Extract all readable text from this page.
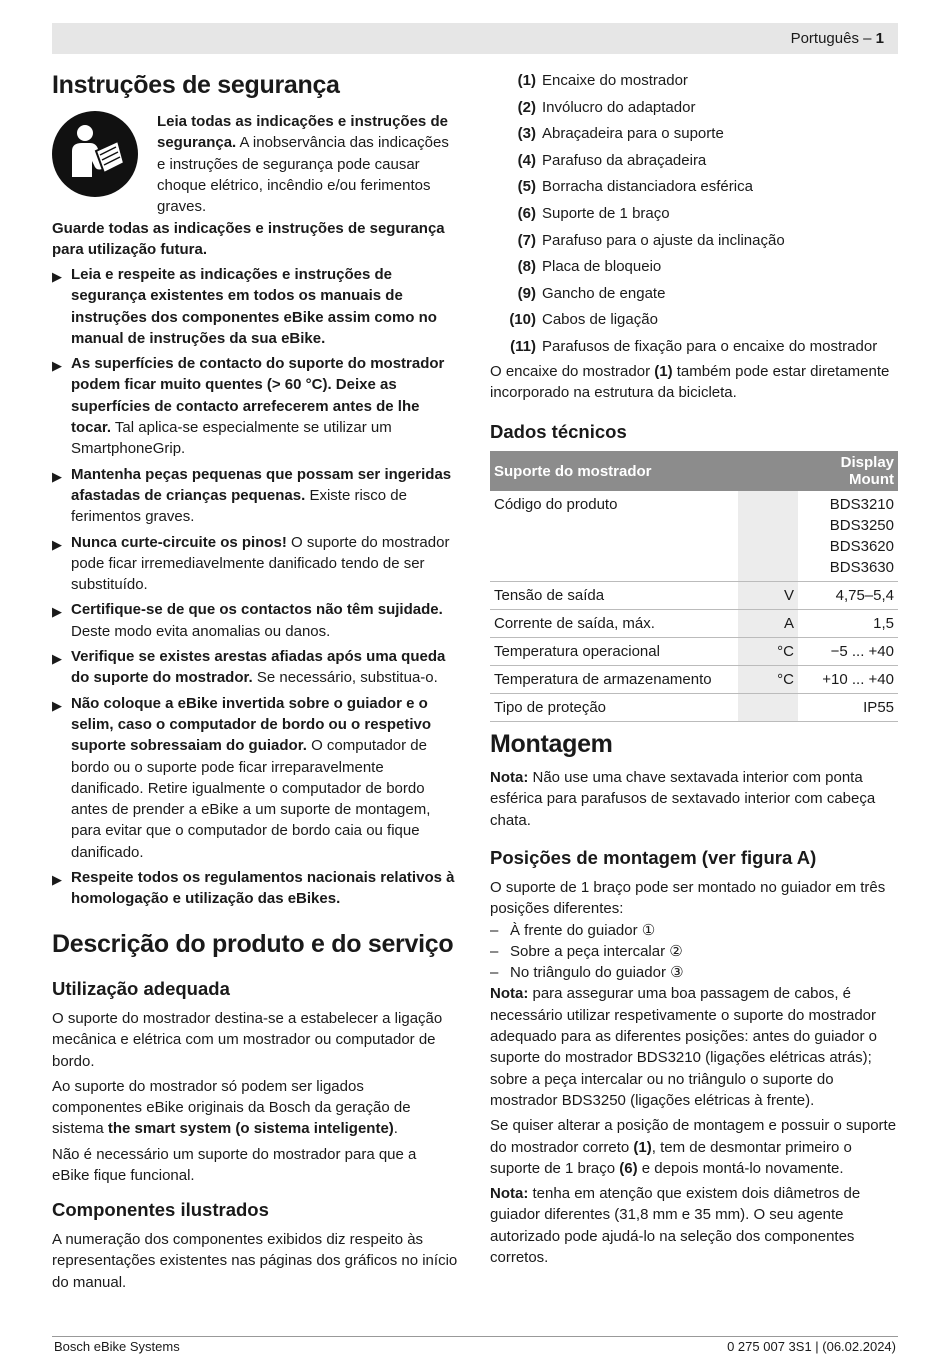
Português – 1
Instruções de segurança
Leia todas as indicações e instruções de segurança. A inobservância das indicações e instruções de segurança pode causar choque elétrico, incêndio e/ou ferimentos graves.
Guarde todas as indicações e instruções de segurança para utilização futura.
▶ Leia e respeite as indicações e instruções de segurança existentes em todos os manuais de instruções dos componentes eBike assim como no manual de instruções da sua eBike.
▶ As superfícies de contacto do suporte do mostrador podem ficar muito quentes (> 60 °C). Deixe as superfícies de contacto arrefecerem antes de lhe tocar. Tal aplica-se especialmente se utilizar um SmartphoneGrip.
▶ Mantenha peças pequenas que possam ser ingeridas afastadas de crianças pequenas. Existe risco de ferimentos graves.
▶ Nunca curte-circuite os pinos! O suporte do mostrador pode ficar irremediavelmente danificado tendo de ser substituído.
▶ Certifique-se de que os contactos não têm sujidade. Deste modo evita anomalias ou danos.
▶ Verifique se existes arestas afiadas após uma queda do suporte do mostrador. Se necessário, substitua-o.
▶ Não coloque a eBike invertida sobre o guiador e o selim, caso o computador de bordo ou o respetivo suporte sobressaiam do guiador. O computador de bordo ou o suporte pode ficar irreparavelmente danificado. Retire igualmente o computador de bordo antes de prender a eBike a um suporte de montagem, para evitar que o computador de bordo caia ou fique danificado.
▶ Respeite todos os regulamentos nacionais relativos à homologação e utilização das eBikes.
Descrição do produto e do serviço
Utilização adequada
O suporte do mostrador destina-se a estabelecer a ligação mecânica e elétrica com um mostrador ou computador de bordo.
Ao suporte do mostrador só podem ser ligados componentes eBike originais da Bosch da geração de sistema the smart system (o sistema inteligente).
Não é necessário um suporte do mostrador para que a eBike fique funcional.
Componentes ilustrados
A numeração dos componentes exibidos diz respeito às representações existentes nas páginas dos gráficos no início do manual.
(1) Encaixe do mostrador
(2) Invólucro do adaptador
(3) Abraçadeira para o suporte
(4) Parafuso da abraçadeira
(5) Borracha distanciadora esférica
(6) Suporte de 1 braço
(7) Parafuso para o ajuste da inclinação
(8) Placa de bloqueio
(9) Gancho de engate
(10) Cabos de ligação
(11) Parafusos de fixação para o encaixe do mostrador
O encaixe do mostrador (1) também pode estar diretamente incorporado na estrutura da bicicleta.
Dados técnicos
Suporte do mostrador		Display Mount	
Código do produto			BDS3210
BDS3250
BDS3620
BDS3630
Tensão de saída	V		4,75–5,4
Corrente de saída, máx.	A		1,5
Temperatura operacional	°C		−5 ... +40
Temperatura de armazenamento	°C		+10 ... +40
Tipo de proteção			IP55
Montagem
Nota: Não use uma chave sextavada interior com ponta esférica para parafusos de sextavado interior com cabeça chata.
Posições de montagem (ver figura A)
O suporte de 1 braço pode ser montado no guiador em três posições diferentes:
– À frente do guiador ①
– Sobre a peça intercalar ②
– No triângulo do guiador ③
Nota: para assegurar uma boa passagem de cabos, é necessário utilizar respetivamente o suporte do mostrador adequado para as diferentes posições: antes do guiador o suporte do mostrador BDS3210 (ligações elétricas atrás); sobre a peça intercalar ou no triângulo o suporte do mostrador BDS3250 (ligações elétricas à frente).
Se quiser alterar a posição de montagem e possuir o suporte do mostrador correto (1), tem de desmontar primeiro o suporte de 1 braço (6) e depois montá-lo novamente.
Nota: tenha em atenção que existem dois diâmetros de guiador diferentes (31,8 mm e 35 mm). O seu agente autorizado pode ajudá-lo na seleção dos componentes corretos.
Bosch eBike Systems	0 275 007 3S1 | (06.02.2024)
